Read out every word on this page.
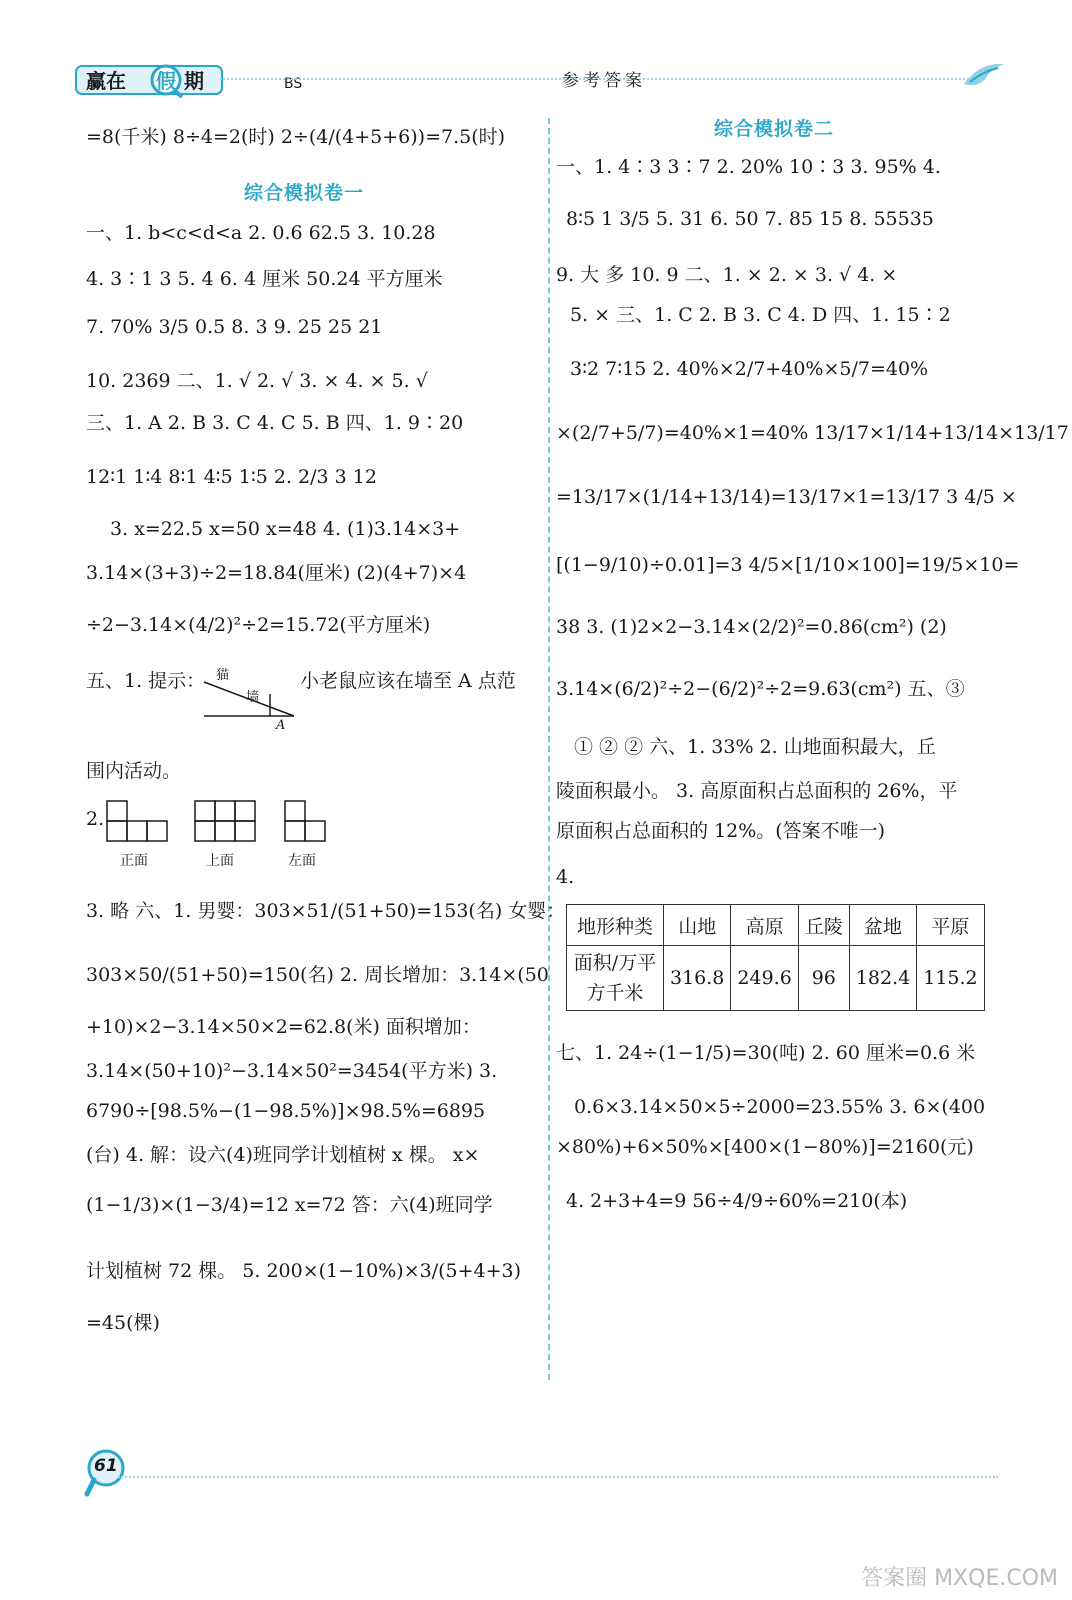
赢在 假 期	BS	参考答案
=8(千米) 8÷4=2(时) 2÷(4/(4+5+6))=7.5(时)
综合模拟卷一
一、1. b<c<d<a 2. 0.6 62.5 3. 10.28
4. 3∶1 3 5. 4 6. 4 厘米 50.24 平方厘米
7. 70% 3/5 0.5 8. 3 9. 25 25 21
10. 2369 二、1. √ 2. √ 3. × 4. × 5. √
三、1. A 2. B 3. C 4. C 5. B 四、1. 9∶20
12∶1 1∶4 8∶1 4∶5 1∶5 2. 2/3 3 12
3. x=22.5 x=50 x=48 4. (1)3.14×3+
3.14×(3+3)÷2=18.84(厘米) (2)(4+7)×4
÷2−3.14×(4/2)²÷2=15.72(平方厘米)
五、1. 提示： 猫
墙
A
小老鼠应该在墙至 A 点范
围内活动。
2.
正面	上面	左面
3. 略 六、1. 男婴：303×51/(51+50)=153(名) 女婴：
303×50/(51+50)=150(名) 2. 周长增加：3.14×(50
+10)×2−3.14×50×2=62.8(米) 面积增加：
3.14×(50+10)²−3.14×50²=3454(平方米) 3.
6790÷[98.5%−(1−98.5%)]×98.5%=6895
(台) 4. 解：设六(4)班同学计划植树 x 棵。 x×
(1−1/3)×(1−3/4)=12 x=72 答：六(4)班同学
计划植树 72 棵。 5. 200×(1−10%)×3/(5+4+3)
=45(棵)
综合模拟卷二
一、1. 4∶3 3∶7 2. 20% 10∶3 3. 95% 4.
8∶5 1 3/5 5. 31 6. 50 7. 85 15 8. 55535
9. 大 多 10. 9 二、1. × 2. × 3. √ 4. ×
5. × 三、1. C 2. B 3. C 4. D 四、1. 15∶2
3∶2 7∶15 2. 40%×2/7+40%×5/7=40%
×(2/7+5/7)=40%×1=40% 13/17×1/14+13/14×13/17
=13/17×(1/14+13/14)=13/17×1=13/17 3 4/5 ×
[(1−9/10)÷0.01]=3 4/5×[1/10×100]=19/5×10=
38 3. (1)2×2−3.14×(2/2)²=0.86(cm²) (2)
3.14×(6/2)²÷2−(6/2)²÷2=9.63(cm²) 五、③
① ② ② 六、1. 33% 2. 山地面积最大，丘
陵面积最小。 3. 高原面积占总面积的 26%，平
原面积占总面积的 12%。(答案不唯一)
4.
地形种类	山地	高原	丘陵	盆地	平原
面积/万平方千米	316.8	249.6	96	182.4	115.2
七、1. 24÷(1−1/5)=30(吨) 2. 60 厘米=0.6 米
0.6×3.14×50×5÷2000=23.55% 3. 6×(400
×80%)+6×50%×[400×(1−80%)]=2160(元)
4. 2+3+4=9 56÷4/9÷60%=210(本)
61
答案圈 MXQE.COM
